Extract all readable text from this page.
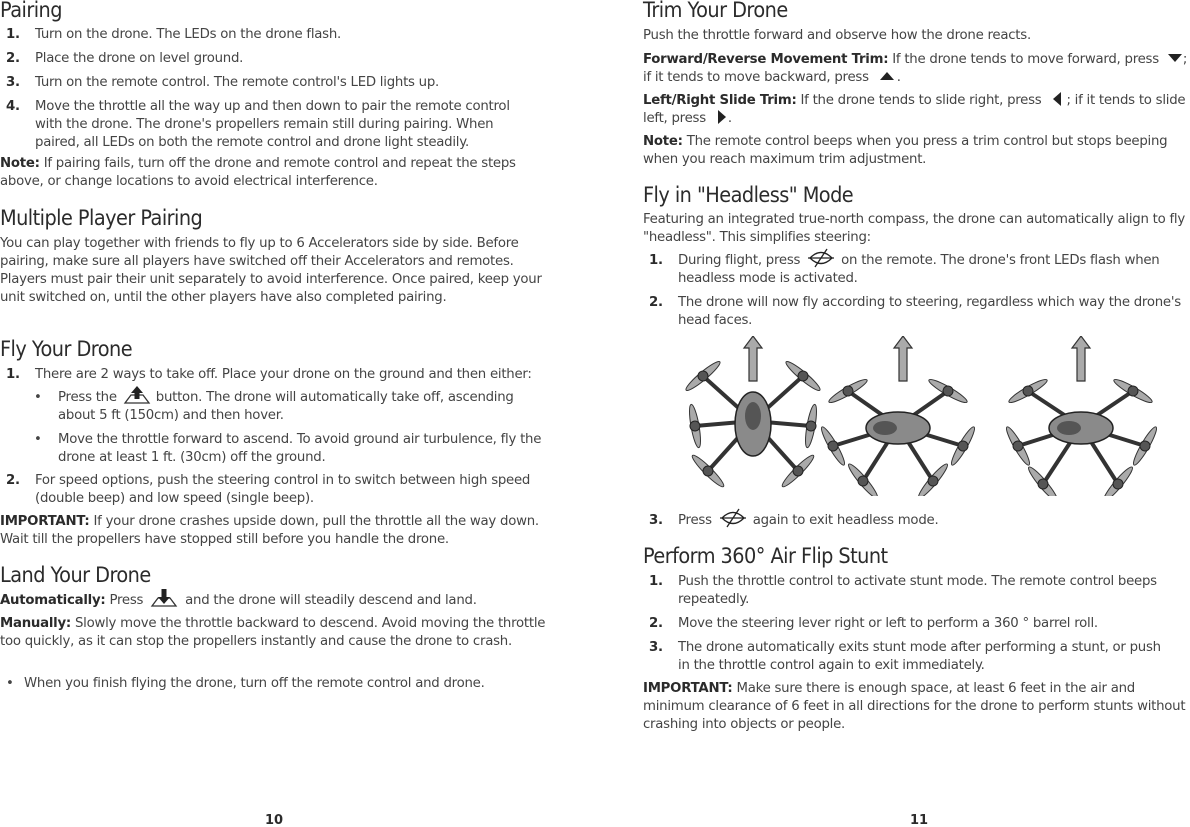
Pairing
1. Turn on the drone. The LEDs on the drone flash.
2. Place the drone on level ground.
3. Turn on the remote control. The remote control's LED lights up.
4. Move the throttle all the way up and then down to pair the remote control with the drone. The drone's propellers remain still during pairing. When paired, all LEDs on both the remote control and drone light steadily.

Note: If pairing fails, turn off the drone and remote control and repeat the steps above, or change locations to avoid electrical interference.

Multiple Player Pairing

You can play together with friends to fly up to 6 Accelerators side by side. Before pairing, make sure all players have switched off their Accelerators and remotes. Players must pair their unit separately to avoid interference. Once paired, keep your unit switched on, until the other players have also completed pairing.

Fly Your Drone
1. There are 2 ways to take off. Place your drone on the ground and then either:
• Press the	button. The drone will automatically take off, ascending about 5 ft (150cm) and then hover.
• Move the throttle forward to ascend. To avoid ground air turbulence, fly the drone at least 1 ft. (30cm) off the ground.
2. For speed options, push the steering control in to switch between high speed (double beep) and low speed (single beep).

IMPORTANT: If your drone crashes upside down, pull the throttle all the way down. Wait till the propellers have stopped still before you handle the drone.

Land Your Drone

Automatically: Press	and the drone will steadily descend and land.

Manually: Slowly move the throttle backward to descend. Avoid moving the throttle too quickly, as it can stop the propellers instantly and cause the drone to crash.

• When you finish flying the drone, turn off the remote control and drone.

10
Trim Your Drone

Push the throttle forward and observe how the drone reacts.

Forward/Reverse Movement Trim: If the drone tends to move forward, press ; if it tends to move backward, press .

Left/Right Slide Trim: If the drone tends to slide right, press ; if it tends to slide left, press .

Note: The remote control beeps when you press a trim control but stops beeping when you reach maximum trim adjustment.

Fly in "Headless" Mode

Featuring an integrated true-north compass, the drone can automatically align to fly "headless". This simplifies steering:

1. During flight, press	on the remote. The drone's front LEDs flash when headless mode is activated.
2. The drone will now fly according to steering, regardless which way the drone's head faces.
3. Press	again to exit headless mode.
Perform 360° Air Flip Stunt
1. Push the throttle control to activate stunt mode. The remote control beeps repeatedly.
2. Move the steering lever right or left to perform a 360 ° barrel roll.
3. The drone automatically exits stunt mode after performing a stunt, or push in the throttle control again to exit immediately.

IMPORTANT: Make sure there is enough space, at least 6 feet in the air and minimum clearance of 6 feet in all directions for the drone to perform stunts without crashing into objects or people.

11
